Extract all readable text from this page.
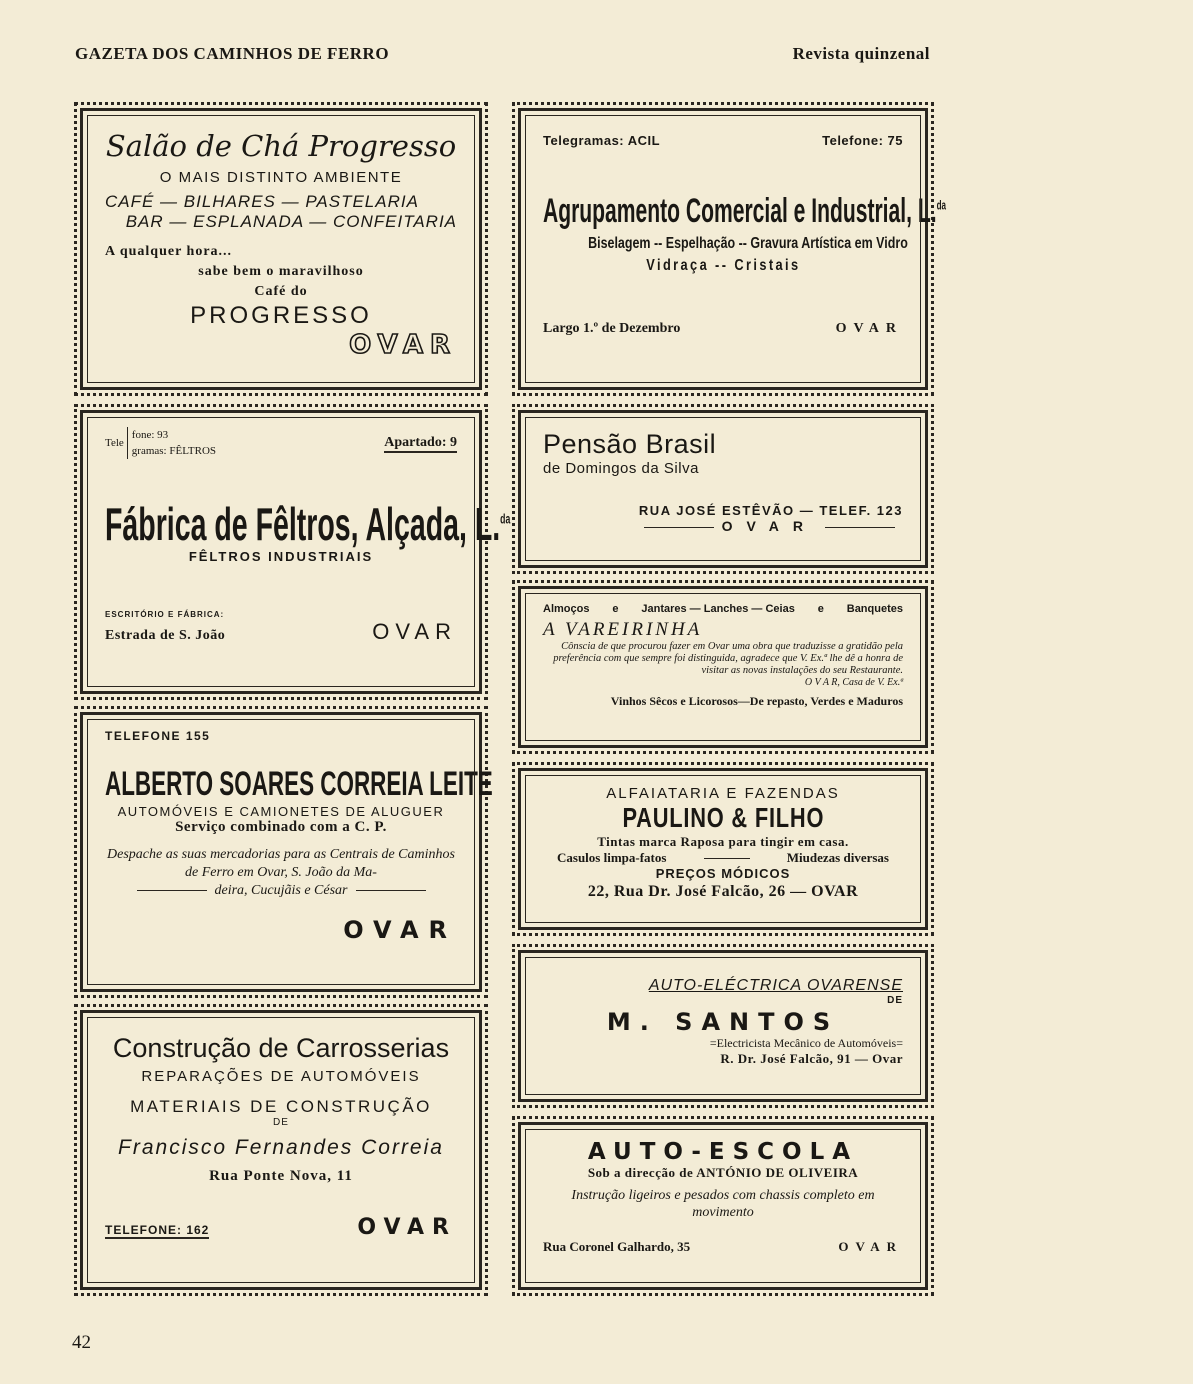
GAZETA DOS CAMINHOS DE FERRO	Revista quinzenal
Salão de Chá Progresso
O MAIS DISTINTO AMBIENTE
CAFÉ — BILHARES — PASTELARIA
BAR — ESPLANADA — CONFEITARIA
A qualquer hora...
sabe bem o maravilhoso
Café do
PROGRESSO
OVAR
Tele
fone: 93
gramas: FÊLTROS
Apartado: 9
Fábrica de Fêltros, Alçada, L.$^{da}$
FÊLTROS INDUSTRIAIS
ESCRITÓRIO E FÁBRICA:
Estrada de S. João	OVAR
TELEFONE 155
ALBERTO SOARES CORREIA LEITE
AUTOMÓVEIS E CAMIONETES DE ALUGUER
Serviço combinado com a C. P.
Despache as suas mercadorias para as Centrais de Caminhos de Ferro em Ovar, S. João da Ma-
deira, Cucujãis e César
OVAR
Construção de Carrosserias
REPARAÇÕES DE AUTOMÓVEIS
MATERIAIS DE CONSTRUÇÃO
DE
Francisco Fernandes Correia
Rua Ponte Nova, 11
TELEFONE: 162	OVAR
Telegramas: ACIL	Telefone: 75
Agrupamento Comercial e Industrial, L.$^{da}$
Biselagem -- Espelhação -- Gravura Artística em Vidro
Vidraça -- Cristais
Largo 1.º de Dezembro	OVAR
Pensão Brasil
de Domingos da Silva
RUA JOSÉ ESTÊVÃO — TELEF. 123
OVAR
Almoços e Jantares — Lanches — Ceias e Banquetes
A VAREIRINHA
Cônscia de que procurou fazer em Ovar uma obra que traduzisse a gratidão pela preferência com que sempre foi distinguida, agradece que V. Ex.ª lhe dê a honra de visitar as novas instalações do seu Restaurante.
O V A R, Casa de V. Ex.ª
Vinhos Sêcos e Licorosos—De repasto, Verdes e Maduros
ALFAIATARIA E FAZENDAS
PAULINO & FILHO
Tintas marca Raposa para tingir em casa.
Casulos limpa-fatos	Miudezas diversas
PREÇOS MÓDICOS
22, Rua Dr. José Falcão, 26 — OVAR
AUTO-ELÉCTRICA OVARENSE
DE
M. SANTOS
=Electricista Mecânico de Automóveis=
R. Dr. José Falcão, 91 — Ovar
AUTO-ESCOLA
Sob a direcção de ANTÓNIO DE OLIVEIRA
Instrução ligeiros e pesados com chassis completo em movimento
Rua Coronel Galhardo, 35	OVAR
42
